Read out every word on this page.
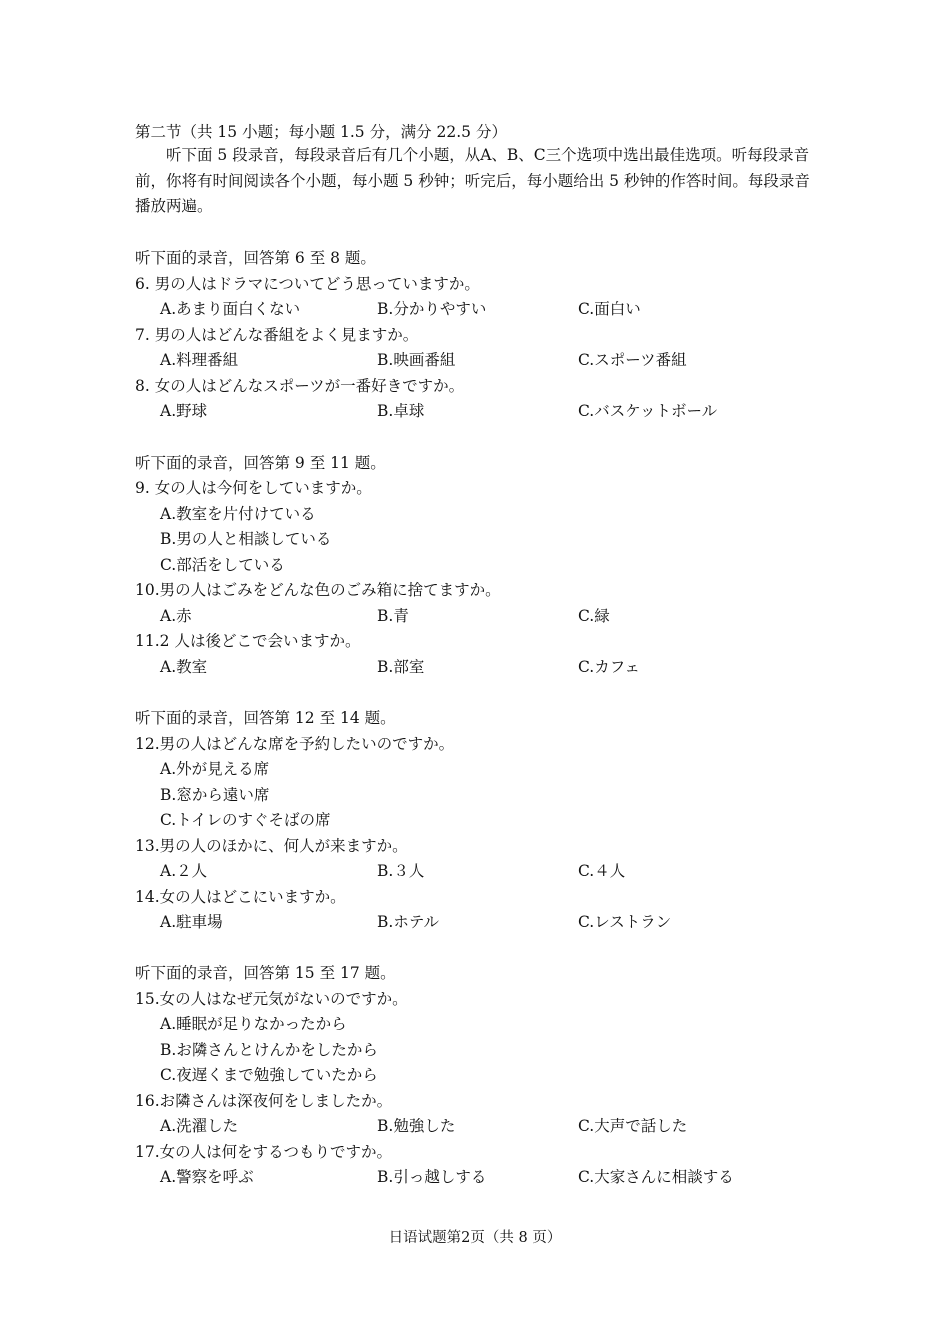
第二节（共 15 小题；每小题 1.5 分，满分 22.5 分）
听下面 5 段录音，每段录音后有几个小题，从A、B、C三个选项中选出最佳选项。听每段录音前，你将有时间阅读各个小题，每小题 5 秒钟；听完后，每小题给出 5 秒钟的作答时间。每段录音播放两遍。
听下面的录音，回答第 6 至 8 题。
6. 男の人はドラマについてどう思っていますか。
A.あまり面白くない	B.分かりやすい	C.面白い
7. 男の人はどんな番組をよく見ますか。
A.料理番組	B.映画番組	C.スポーツ番組
8. 女の人はどんなスポーツが一番好きですか。
A.野球	B.卓球	C.バスケットボール
听下面的录音，回答第 9 至 11 题。
9. 女の人は今何をしていますか。
A.教室を片付けている
B.男の人と相談している
C.部活をしている
10.男の人はごみをどんな色のごみ箱に捨てますか。
A.赤	B.青	C.緑
11.2 人は後どこで会いますか。
A.教室	B.部室	C.カフェ
听下面的录音，回答第 12 至 14 题。
12.男の人はどんな席を予約したいのですか。
A.外が見える席
B.窓から遠い席
C.トイレのすぐそばの席
13.男の人のほかに、何人が来ますか。
A.２人	B.３人	C.４人
14.女の人はどこにいますか。
A.駐車場	B.ホテル	C.レストラン
听下面的录音，回答第 15 至 17 题。
15.女の人はなぜ元気がないのですか。
A.睡眠が足りなかったから
B.お隣さんとけんかをしたから
C.夜遅くまで勉強していたから
16.お隣さんは深夜何をしましたか。
A.洗濯した	B.勉強した	C.大声で話した
17.女の人は何をするつもりですか。
A.警察を呼ぶ	B.引っ越しする	C.大家さんに相談する
日语试题第2页（共 8 页）
